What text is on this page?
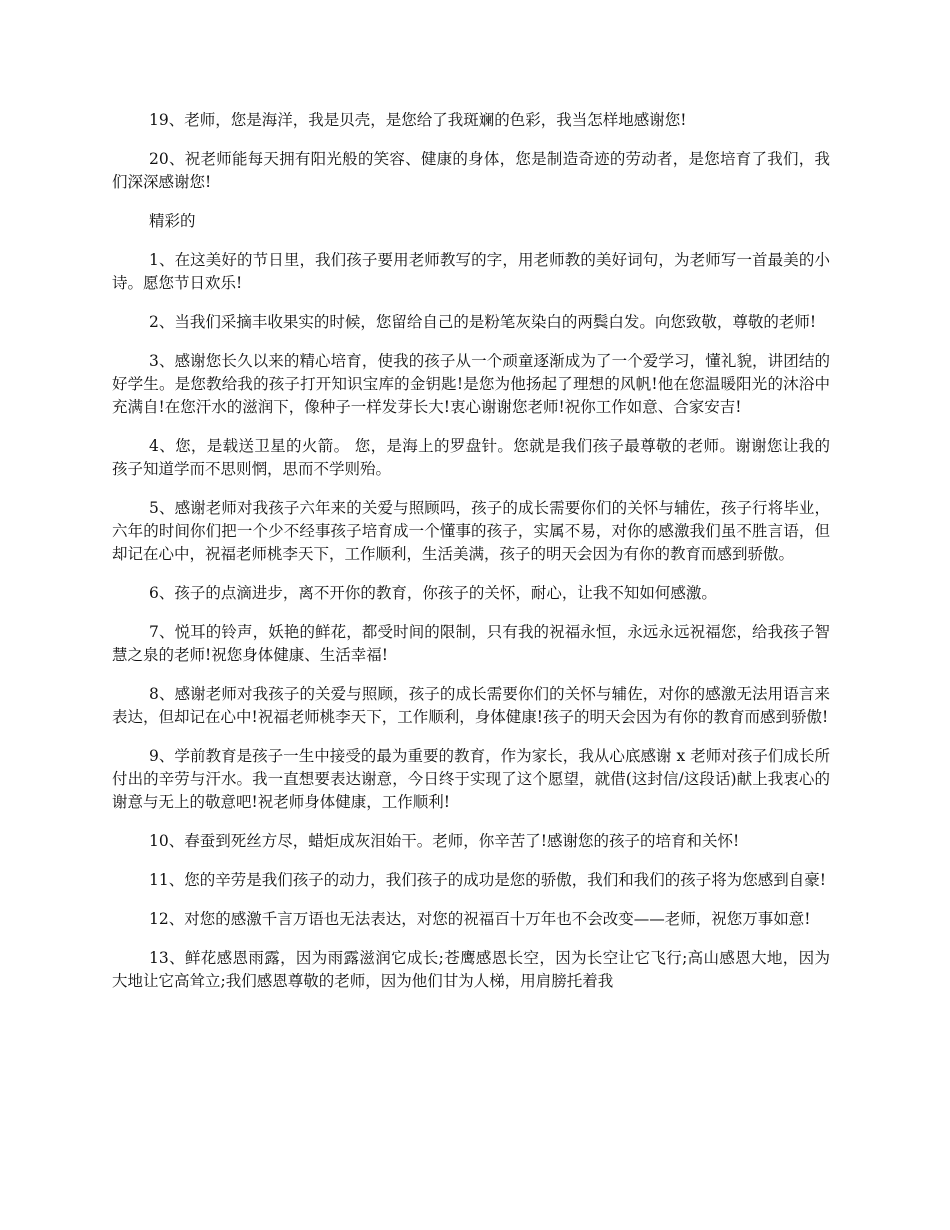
19、老师，您是海洋，我是贝壳，是您给了我斑斓的色彩，我当怎样地感谢您!

20、祝老师能每天拥有阳光般的笑容、健康的身体，您是制造奇迹的劳动者，是您培育了我们，我们深深感谢您!

精彩的

1、在这美好的节日里，我们孩子要用老师教写的字，用老师教的美好词句，为老师写一首最美的小诗。愿您节日欢乐!

2、当我们采摘丰收果实的时候，您留给自己的是粉笔灰染白的两鬓白发。向您致敬，尊敬的老师!

3、感谢您长久以来的精心培育，使我的孩子从一个顽童逐渐成为了一个爱学习，懂礼貌，讲团结的好学生。是您教给我的孩子打开知识宝库的金钥匙!是您为他扬起了理想的风帆!他在您温暖阳光的沐浴中充满自!在您汗水的滋润下，像种子一样发芽长大!衷心谢谢您老师!祝你工作如意、合家安吉!

4、您，是载送卫星的火箭。 您，是海上的罗盘针。您就是我们孩子最尊敬的老师。谢谢您让我的孩子知道学而不思则惘，思而不学则殆。

5、感谢老师对我孩子六年来的关爱与照顾吗，孩子的成长需要你们的关怀与辅佐，孩子行将毕业，六年的时间你们把一个少不经事孩子培育成一个懂事的孩子，实属不易，对你的感激我们虽不胜言语，但却记在心中，祝福老师桃李天下，工作顺利，生活美满，孩子的明天会因为有你的教育而感到骄傲。

6、孩子的点滴进步，离不开你的教育，你孩子的关怀，耐心，让我不知如何感激。

7、悦耳的铃声，妖艳的鲜花，都受时间的限制，只有我的祝福永恒，永远永远祝福您，给我孩子智慧之泉的老师!祝您身体健康、生活幸福!

8、感谢老师对我孩子的关爱与照顾，孩子的成长需要你们的关怀与辅佐，对你的感激无法用语言来表达，但却记在心中!祝福老师桃李天下，工作顺利，身体健康!孩子的明天会因为有你的教育而感到骄傲!

9、学前教育是孩子一生中接受的最为重要的教育，作为家长，我从心底感谢 x 老师对孩子们成长所付出的辛劳与汗水。我一直想要表达谢意，今日终于实现了这个愿望，就借(这封信/这段话)献上我衷心的谢意与无上的敬意吧!祝老师身体健康，工作顺利!

10、春蚕到死丝方尽，蜡炬成灰泪始干。老师，你辛苦了!感谢您的孩子的培育和关怀!

11、您的辛劳是我们孩子的动力，我们孩子的成功是您的骄傲，我们和我们的孩子将为您感到自豪!

12、对您的感激千言万语也无法表达，对您的祝福百十万年也不会改变——老师，祝您万事如意!

13、鲜花感恩雨露，因为雨露滋润它成长;苍鹰感恩长空，因为长空让它飞行;高山感恩大地，因为大地让它高耸立;我们感恩尊敬的老师，因为他们甘为人梯，用肩膀托着我
